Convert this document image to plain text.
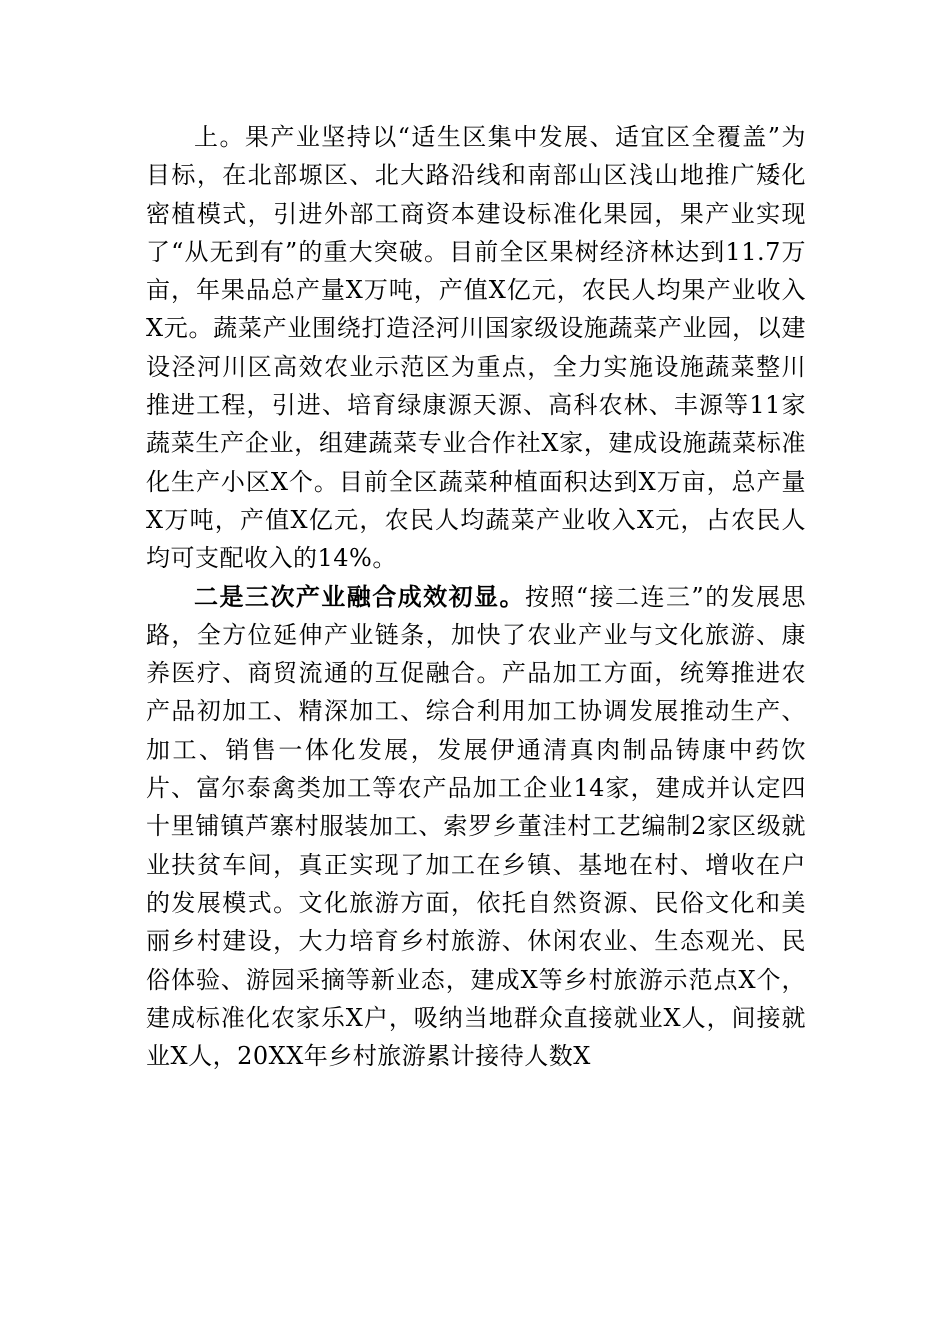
上。果产业坚持以“适生区集中发展、适宜区全覆盖”为目标，在北部塬区、北大路沿线和南部山区浅山地推广矮化密植模式，引进外部工商资本建设标准化果园，果产业实现了“从无到有”的重大突破。目前全区果树经济林达到11.7万亩，年果品总产量X万吨，产值X亿元，农民人均果产业收入X元。蔬菜产业围绕打造泾河川国家级设施蔬菜产业园，以建设泾河川区高效农业示范区为重点，全力实施设施蔬菜整川推进工程，引进、培育绿康源天源、高科农林、丰源等11家蔬菜生产企业，组建蔬菜专业合作社X家，建成设施蔬菜标准化生产小区X个。目前全区蔬菜种植面积达到X万亩，总产量X万吨，产值X亿元，农民人均蔬菜产业收入X元，占农民人均可支配收入的14%。

二是三次产业融合成效初显。按照“接二连三”的发展思路，全方位延伸产业链条，加快了农业产业与文化旅游、康养医疗、商贸流通的互促融合。产品加工方面，统筹推进农产品初加工、精深加工、综合利用加工协调发展推动生产、加工、销售一体化发展，发展伊通清真肉制品铸康中药饮片、富尔泰禽类加工等农产品加工企业14家，建成并认定四十里铺镇芦寨村服装加工、索罗乡董洼村工艺编制2家区级就业扶贫车间，真正实现了加工在乡镇、基地在村、增收在户的发展模式。文化旅游方面，依托自然资源、民俗文化和美丽乡村建设，大力培育乡村旅游、休闲农业、生态观光、民俗体验、游园采摘等新业态，建成X等乡村旅游示范点X个，建成标准化农家乐X户，吸纳当地群众直接就业X人，间接就业X人，20XX年乡村旅游累计接待人数X
